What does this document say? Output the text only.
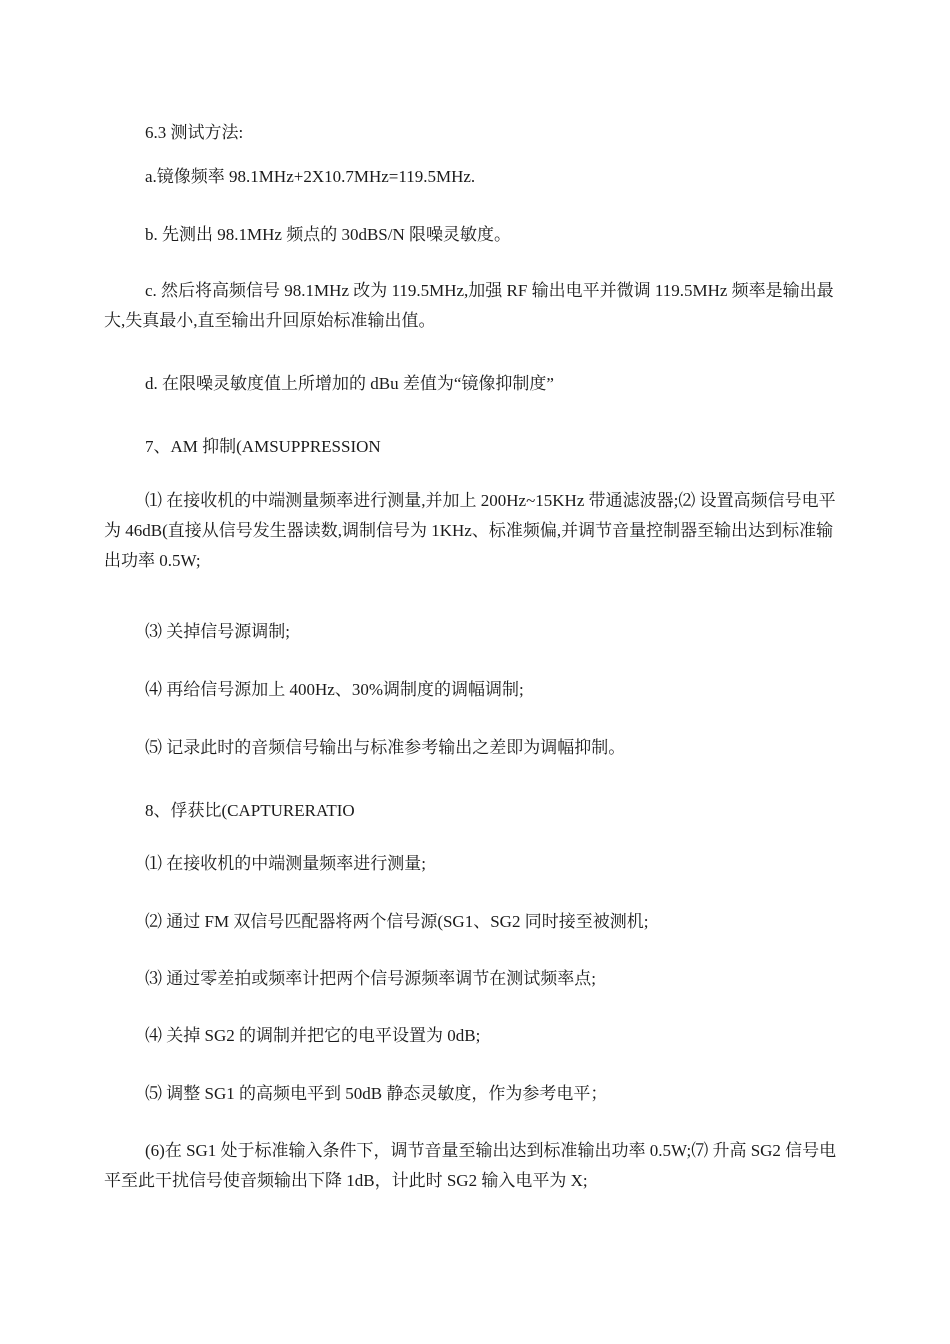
6.3 测试方法:

a.镜像频率 98.1MHz+2X10.7MHz=119.5MHz.

b. 先测出 98.1MHz 频点的 30dBS/N 限噪灵敏度。

c. 然后将高频信号 98.1MHz 改为 119.5MHz,加强 RF 输出电平并微调 119.5MHz 频率是输出最大,失真最小,直至输出升回原始标准输出值。

d. 在限噪灵敏度值上所增加的 dBu 差值为“镜像抑制度”

7、AM 抑制(AMSUPPRESSION

⑴ 在接收机的中端测量频率进行测量,并加上 200Hz~15KHz 带通滤波器;⑵ 设置高频信号电平为 46dB(直接从信号发生器读数,调制信号为 1KHz、标准频偏,并调节音量控制器至输出达到标准输出功率 0.5W;

⑶ 关掉信号源调制;

⑷ 再给信号源加上 400Hz、30%调制度的调幅调制;

⑸ 记录此时的音频信号输出与标准参考输出之差即为调幅抑制。

8、俘获比(CAPTURERATIO

⑴ 在接收机的中端测量频率进行测量;

⑵ 通过 FM 双信号匹配器将两个信号源(SG1、SG2 同时接至被测机;

⑶ 通过零差拍或频率计把两个信号源频率调节在测试频率点;

⑷ 关掉 SG2 的调制并把它的电平设置为 0dB;

⑸ 调整 SG1 的高频电平到 50dB 静态灵敏度，作为参考电平；

(6)在 SG1 处于标准输入条件下，调节音量至输出达到标准输出功率 0.5W;⑺ 升高 SG2 信号电平至此干扰信号使音频输出下降 1dB，计此时 SG2 输入电平为 X;
